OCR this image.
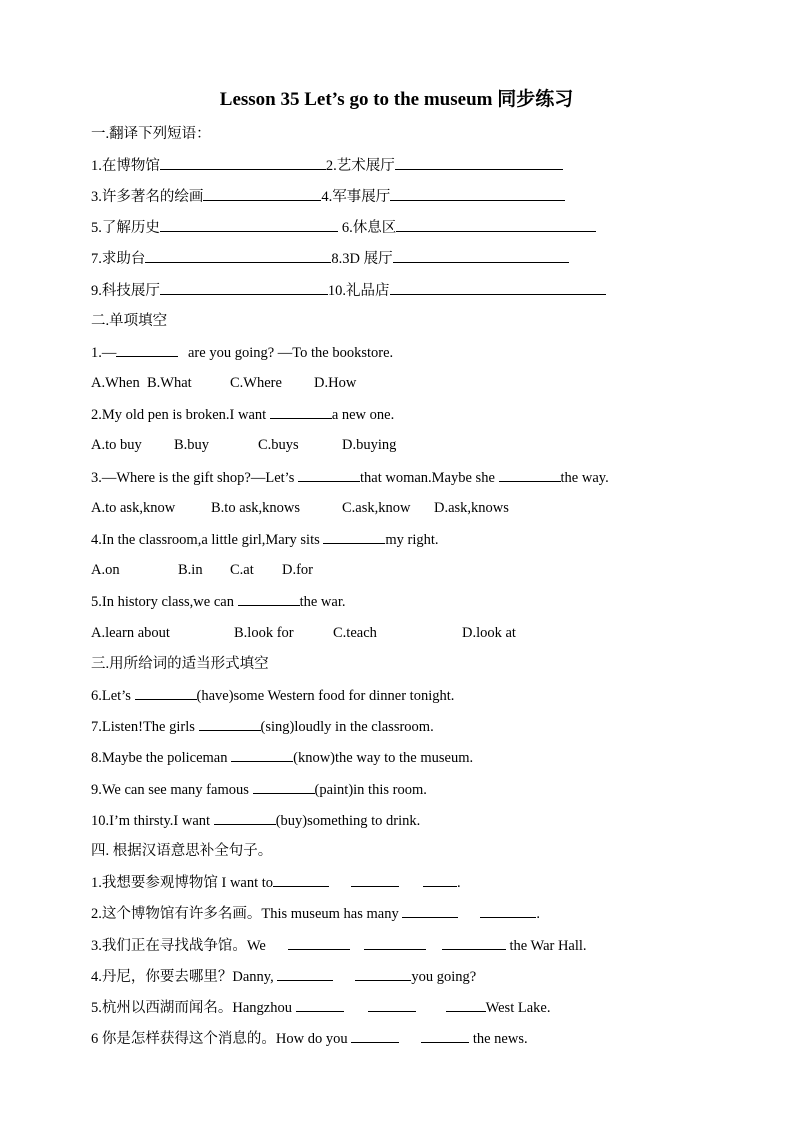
Lesson 35 Let’s go to the museum 同步练习
一.翻译下列短语：
1.在博物馆	2.艺术展厅
3.许多著名的绘画	4.军事展厅
5.了解历史	6.休息区
7.求助台	8.3D 展厅
9.科技展厅	10.礼品店
二.单项填空
1.—	are you going? —To the bookstore.
A.When B.What	C.Where D.How
2.My old pen is broken.I want	a new one.
A.to buy B.buy	C.buys	D.buying
3.—Where is the gift shop?—Let’s	that woman.Maybe she	the way.
A.to ask,know B.to ask,knows	C.ask,know D.ask,knows
4.In the classroom,a little girl,Mary sits	my right.
A.on	B.in C.at D.for
5.In history class,we can	the war.
A.learn about	B.look for	C.teach	D.look at
三.用所给词的适当形式填空
6.Let’s	(have)some Western food for dinner tonight.
7.Listen!The girls	(sing)loudly in the classroom.
8.Maybe the policeman	(know)the way to the museum.
9.We can see many famous	(paint)in this room.
10.I’m thirsty.I want	(buy)something to drink.
四. 根据汉语意思补全句子。
1.我想要参观博物馆 I want to	.
2.这个博物馆有许多名画。This museum has many	.
3.我们正在寻找战争馆。We	the War Hall.
4.丹尼，你要去哪里？Danny,	you going?
5.杭州以西湖而闻名。Hangzhou	West Lake.
6 你是怎样获得这个消息的。How do you	the news.
